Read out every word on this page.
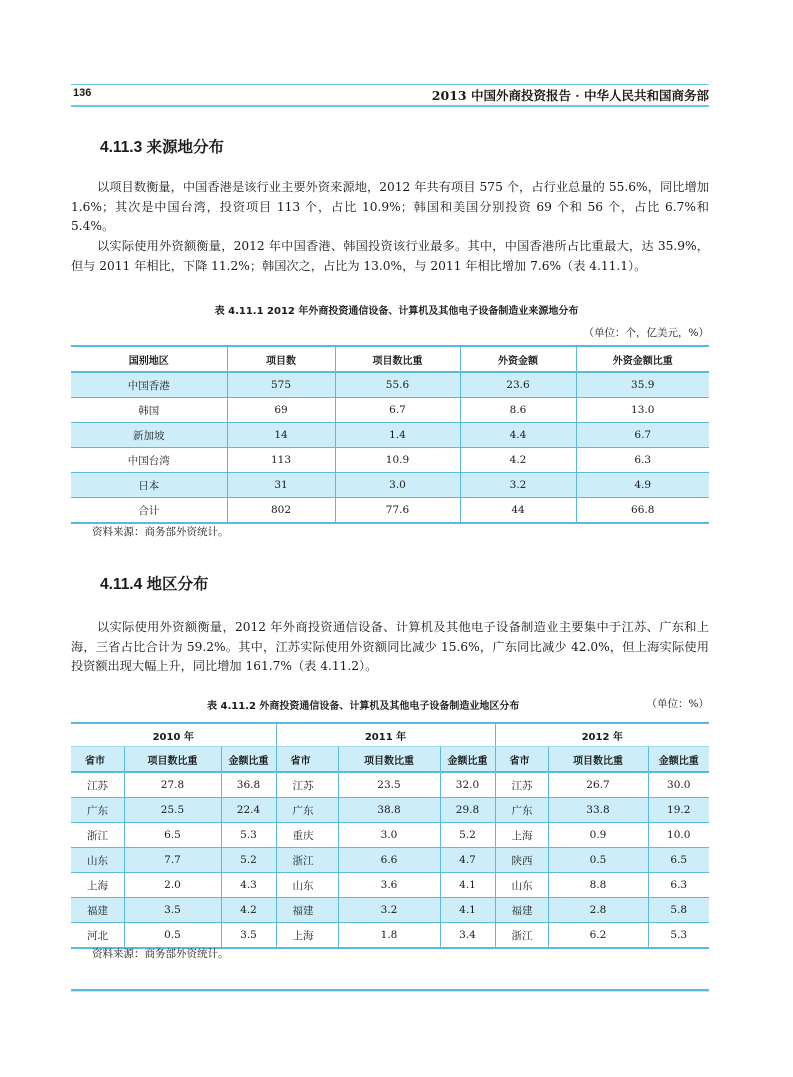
136	2013 中国外商投资报告 · 中华人民共和国商务部
4.11.3 来源地分布

以项目数衡量，中国香港是该行业主要外资来源地，2012 年共有项目 575 个，占行业总量的 55.6%，同比增加 1.6%；其次是中国台湾，投资项目 113 个，占比 10.9%；韩国和美国分别投资 69 个和 56 个，占比 6.7%和 5.4%。

以实际使用外资额衡量，2012 年中国香港、韩国投资该行业最多。其中，中国香港所占比重最大，达 35.9%，但与 2011 年相比，下降 11.2%；韩国次之，占比为 13.0%，与 2011 年相比增加 7.6%（表 4.11.1）。

表 4.11.1 2012 年外商投资通信设备、计算机及其他电子设备制造业来源地分布
（单位：个，亿美元，%）
国别地区	项目数	项目数比重	外资金额	外资金额比重
中国香港	575	55.6	23.6	35.9
韩国	69	6.7	8.6	13.0
新加坡	14	1.4	4.4	6.7
中国台湾	113	10.9	4.2	6.3
日本	31	3.0	3.2	4.9
合计	802	77.6	44	66.8
资料来源：商务部外资统计。
4.11.4 地区分布

以实际使用外资额衡量，2012 年外商投资通信设备、计算机及其他电子设备制造业主要集中于江苏、广东和上海，三省占比合计为 59.2%。其中，江苏实际使用外资额同比减少 15.6%，广东同比减少 42.0%，但上海实际使用投资额出现大幅上升，同比增加 161.7%（表 4.11.2）。

表 4.11.2 外商投资通信设备、计算机及其他电子设备制造业地区分布	（单位：%）
2010 年			2011 年			2012 年		
省市	项目数比重	金额比重	省市	项目数比重	金额比重	省市	项目数比重	金额比重
江苏	27.8	36.8	江苏	23.5	32.0	江苏	26.7	30.0
广东	25.5	22.4	广东	38.8	29.8	广东	33.8	19.2
浙江	6.5	5.3	重庆	3.0	5.2	上海	0.9	10.0
山东	7.7	5.2	浙江	6.6	4.7	陕西	0.5	6.5
上海	2.0	4.3	山东	3.6	4.1	山东	8.8	6.3
福建	3.5	4.2	福建	3.2	4.1	福建	2.8	5.8
河北	0.5	3.5	上海	1.8	3.4	浙江	6.2	5.3
资料来源：商务部外资统计。
